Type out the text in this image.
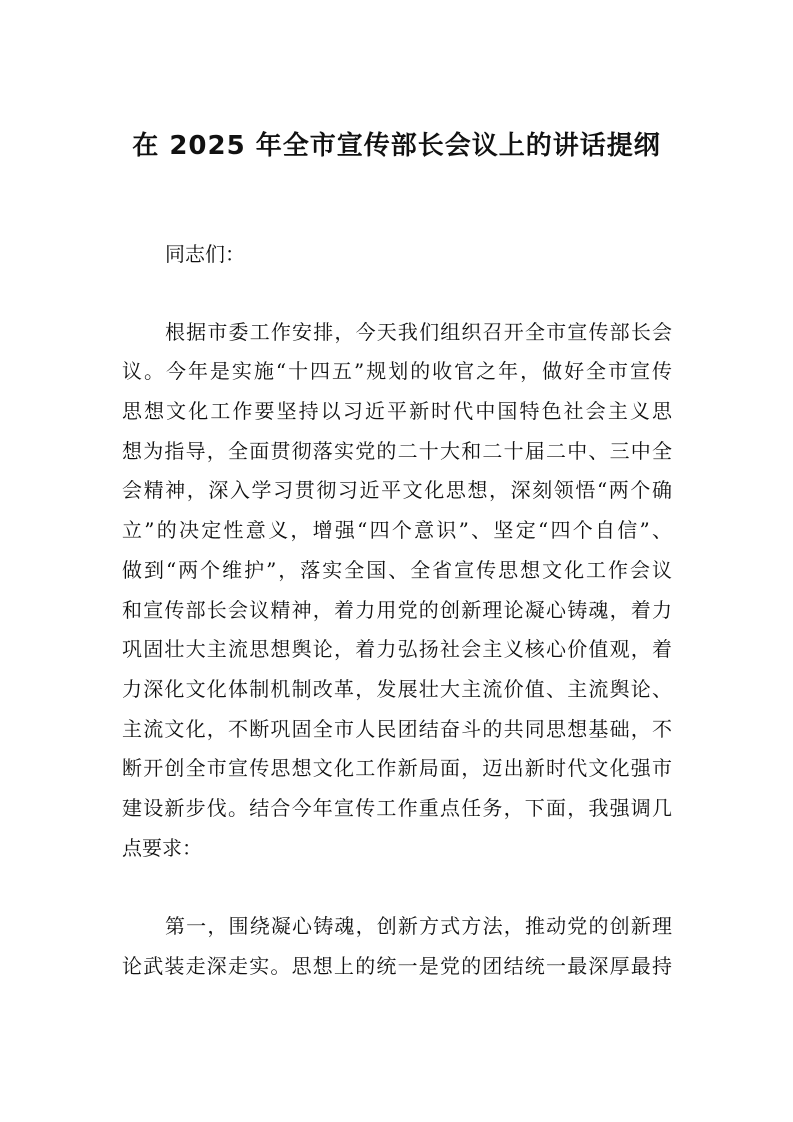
在 2025 年全市宣传部长会议上的讲话提纲
同志们：
根据市委工作安排，今天我们组织召开全市宣传部长会
议。今年是实施“十四五”规划的收官之年，做好全市宣传
思想文化工作要坚持以习近平新时代中国特色社会主义思
想为指导，全面贯彻落实党的二十大和二十届二中、三中全
会精神，深入学习贯彻习近平文化思想，深刻领悟“两个确
立”的决定性意义，增强“四个意识”、坚定“四个自信”、
做到“两个维护”，落实全国、全省宣传思想文化工作会议
和宣传部长会议精神，着力用党的创新理论凝心铸魂，着力
巩固壮大主流思想舆论，着力弘扬社会主义核心价值观，着
力深化文化体制机制改革，发展壮大主流价值、主流舆论、
主流文化，不断巩固全市人民团结奋斗的共同思想基础，不
断开创全市宣传思想文化工作新局面，迈出新时代文化强市
建设新步伐。结合今年宣传工作重点任务，下面，我强调几
点要求：
第一，围绕凝心铸魂，创新方式方法，推动党的创新理
论武装走深走实。思想上的统一是党的团结统一最深厚最持
